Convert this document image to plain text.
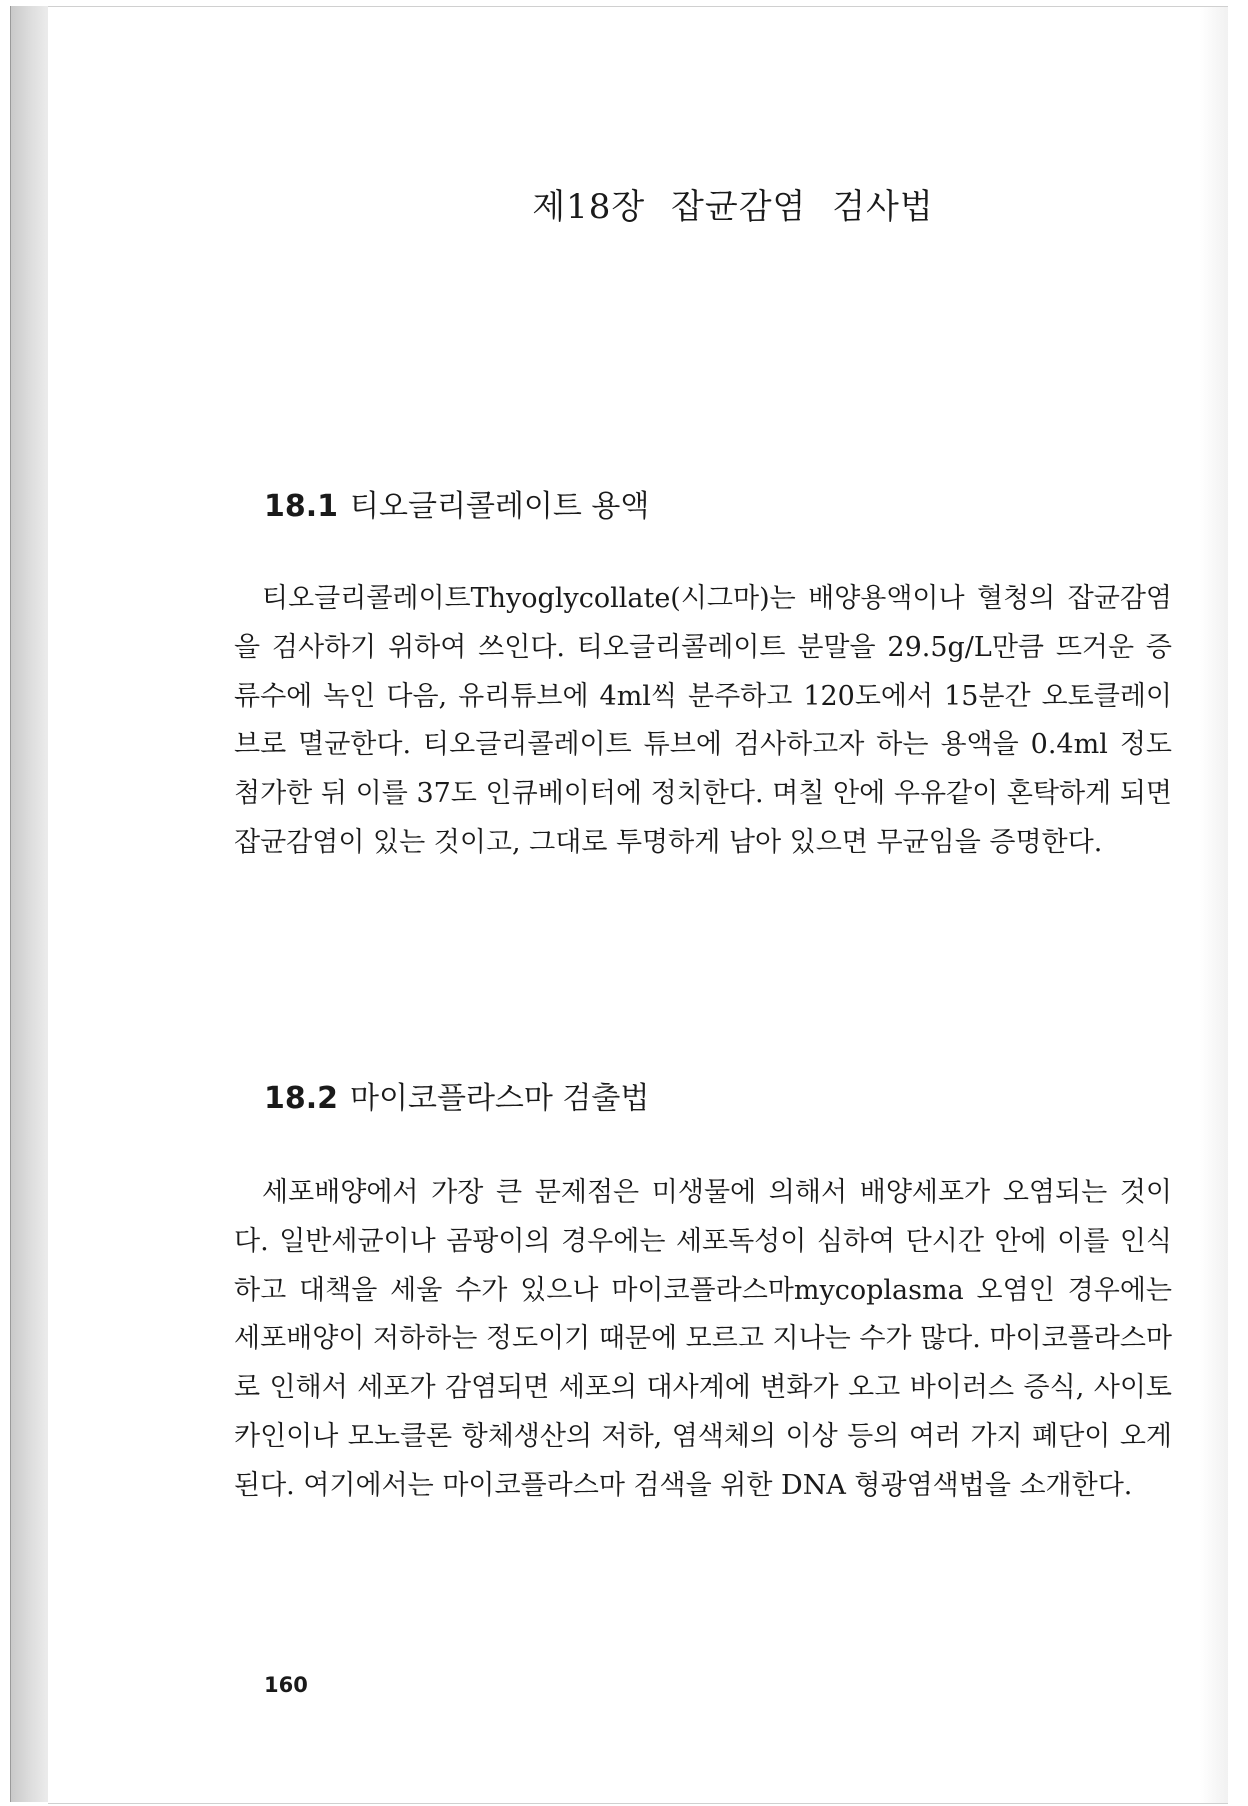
제18장 잡균감염 검사법
18.1 티오글리콜레이트 용액

티오글리콜레이트Thyoglycollate(시그마)는 배양용액이나 혈청의 잡균감염을 검사하기 위하여 쓰인다. 티오글리콜레이트 분말을 29.5g/L만큼 뜨거운 증류수에 녹인 다음, 유리튜브에 4ml씩 분주하고 120도에서 15분간 오토클레이브로 멸균한다. 티오글리콜레이트 튜브에 검사하고자 하는 용액을 0.4ml 정도 첨가한 뒤 이를 37도 인큐베이터에 정치한다. 며칠 안에 우유같이 혼탁하게 되면 잡균감염이 있는 것이고, 그대로 투명하게 남아 있으면 무균임을 증명한다.

18.2 마이코플라스마 검출법

세포배양에서 가장 큰 문제점은 미생물에 의해서 배양세포가 오염되는 것이다. 일반세균이나 곰팡이의 경우에는 세포독성이 심하여 단시간 안에 이를 인식하고 대책을 세울 수가 있으나 마이코플라스마mycoplasma 오염인 경우에는 세포배양이 저하하는 정도이기 때문에 모르고 지나는 수가 많다. 마이코플라스마로 인해서 세포가 감염되면 세포의 대사계에 변화가 오고 바이러스 증식, 사이토카인이나 모노클론 항체생산의 저하, 염색체의 이상 등의 여러 가지 폐단이 오게 된다. 여기에서는 마이코플라스마 검색을 위한 DNA 형광염색법을 소개한다.

160
